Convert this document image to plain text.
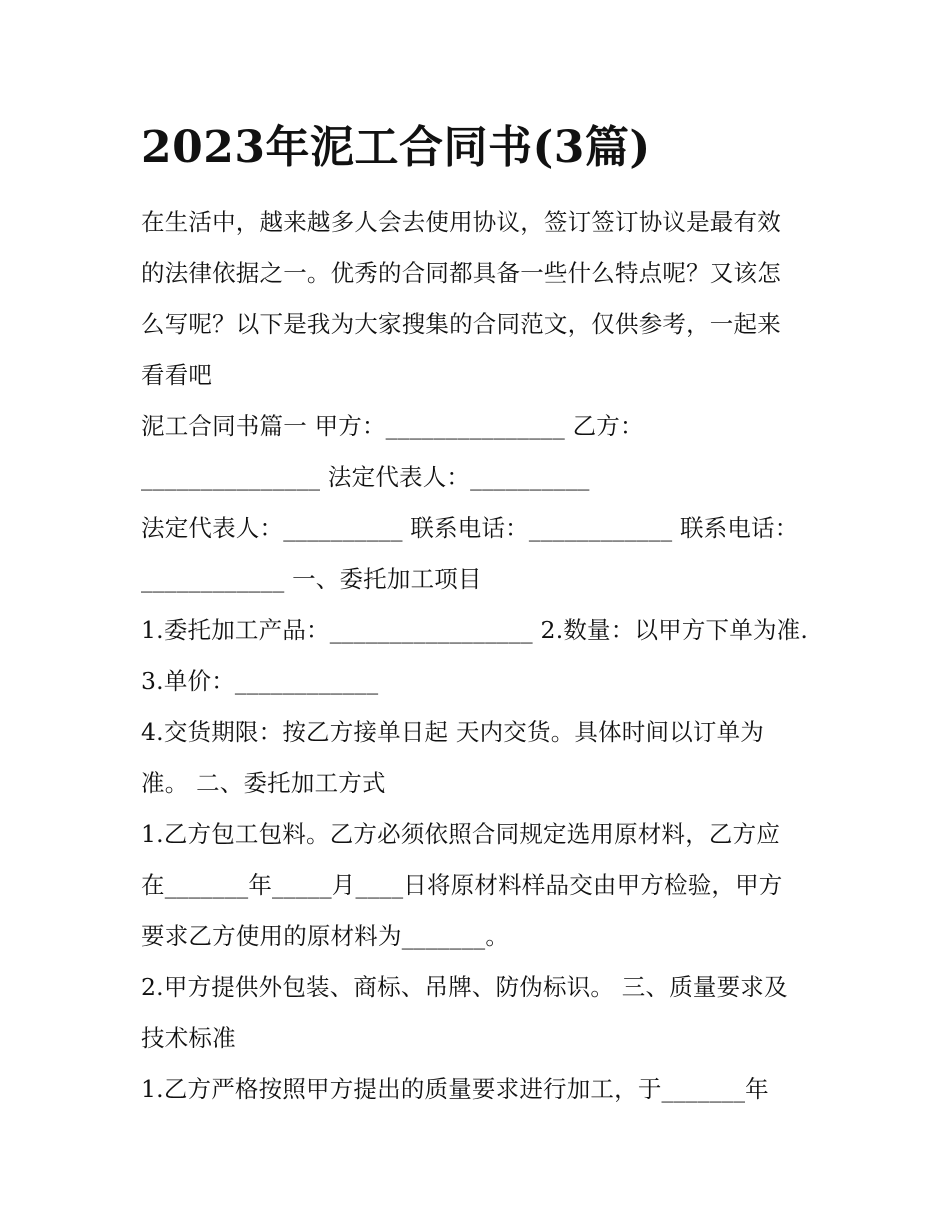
2023年泥工合同书(3篇)
在生活中，越来越多人会去使用协议，签订签订协议是最有效
的法律依据之一。优秀的合同都具备一些什么特点呢？又该怎
么写呢？以下是我为大家搜集的合同范文，仅供参考，一起来
看看吧
泥工合同书篇一 甲方：_______________ 乙方：
_______________ 法定代表人：__________
法定代表人：__________ 联系电话：____________ 联系电话：
____________ 一、委托加工项目
1.委托加工产品：_________________ 2.数量：以甲方下单为准.
3.单价：____________
4.交货期限：按乙方接单日起 天内交货。具体时间以订单为
准。 二、委托加工方式
1.乙方包工包料。乙方必须依照合同规定选用原材料，乙方应
在_______年_____月____日将原材料样品交由甲方检验，甲方
要求乙方使用的原材料为_______。
2.甲方提供外包装、商标、吊牌、防伪标识。 三、质量要求及
技术标准
1.乙方严格按照甲方提出的质量要求进行加工，于_______年
